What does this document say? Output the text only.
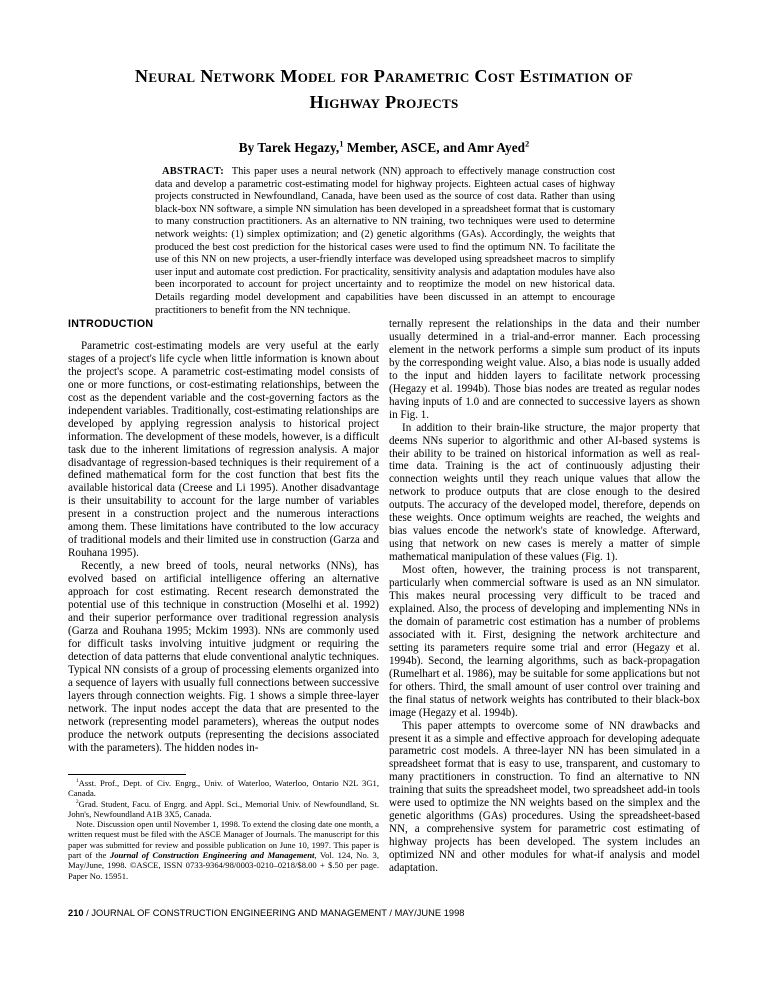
Neural Network Model for Parametric Cost Estimation of
Highway Projects
By Tarek Hegazy,$^1$ Member, ASCE, and Amr Ayed$^2$
ABSTRACT: This paper uses a neural network (NN) approach to effectively manage construction cost data and develop a parametric cost-estimating model for highway projects. Eighteen actual cases of highway projects constructed in Newfoundland, Canada, have been used as the source of cost data. Rather than using black-box NN software, a simple NN simulation has been developed in a spreadsheet format that is customary to many construction practitioners. As an alternative to NN training, two techniques were used to determine network weights: (1) simplex optimization; and (2) genetic algorithms (GAs). Accordingly, the weights that produced the best cost prediction for the historical cases were used to find the optimum NN. To facilitate the use of this NN on new projects, a user-friendly interface was developed using spreadsheet macros to simplify user input and automate cost prediction. For practicality, sensitivity analysis and adaptation modules have also been incorporated to account for project uncertainty and to reoptimize the model on new historical data. Details regarding model development and capabilities have been discussed in an attempt to encourage practitioners to benefit from the NN technique.
INTRODUCTION

Parametric cost-estimating models are very useful at the early stages of a project's life cycle when little information is known about the project's scope. A parametric cost-estimating model consists of one or more functions, or cost-estimating relationships, between the cost as the dependent variable and the cost-governing factors as the independent variables. Traditionally, cost-estimating relationships are developed by applying regression analysis to historical project information. The development of these models, however, is a difficult task due to the inherent limitations of regression analysis. A major disadvantage of regression-based techniques is their requirement of a defined mathematical form for the cost function that best fits the available historical data (Creese and Li 1995). Another disadvantage is their unsuitability to account for the large number of variables present in a construction project and the numerous interactions among them. These limitations have contributed to the low accuracy of traditional models and their limited use in construction (Garza and Rouhana 1995).

Recently, a new breed of tools, neural networks (NNs), has evolved based on artificial intelligence offering an alternative approach for cost estimating. Recent research demonstrated the potential use of this technique in construction (Moselhi et al. 1992) and their superior performance over traditional regression analysis (Garza and Rouhana 1995; Mckim 1993). NNs are commonly used for difficult tasks involving intuitive judgment or requiring the detection of data patterns that elude conventional analytic techniques. Typical NN consists of a group of processing elements organized into a sequence of layers with usually full connections between successive layers through connection weights. Fig. 1 shows a simple three-layer network. The input nodes accept the data that are presented to the network (representing model parameters), whereas the output nodes produce the network outputs (representing the decisions associated with the parameters). The hidden nodes in-

ternally represent the relationships in the data and their number usually determined in a trial-and-error manner. Each processing element in the network performs a simple sum product of its inputs by the corresponding weight value. Also, a bias node is usually added to the input and hidden layers to facilitate network processing (Hegazy et al. 1994b). Those bias nodes are treated as regular nodes having inputs of 1.0 and are connected to successive layers as shown in Fig. 1.

In addition to their brain-like structure, the major property that deems NNs superior to algorithmic and other AI-based systems is their ability to be trained on historical information as well as real-time data. Training is the act of continuously adjusting their connection weights until they reach unique values that allow the network to produce outputs that are close enough to the desired outputs. The accuracy of the developed model, therefore, depends on these weights. Once optimum weights are reached, the weights and bias values encode the network's state of knowledge. Afterward, using that network on new cases is merely a matter of simple mathematical manipulation of these values (Fig. 1).

Most often, however, the training process is not transparent, particularly when commercial software is used as an NN simulator. This makes neural processing very difficult to be traced and explained. Also, the process of developing and implementing NNs in the domain of parametric cost estimation has a number of problems associated with it. First, designing the network architecture and setting its parameters require some trial and error (Hegazy et al. 1994b). Second, the learning algorithms, such as back-propagation (Rumelhart et al. 1986), may be suitable for some applications but not for others. Third, the small amount of user control over training and the final status of network weights has contributed to their black-box image (Hegazy et al. 1994b).

This paper attempts to overcome some of NN drawbacks and present it as a simple and effective approach for developing adequate parametric cost models. A three-layer NN has been simulated in a spreadsheet format that is easy to use, transparent, and customary to many practitioners in construction. To find an alternative to NN training that suits the spreadsheet model, two spreadsheet add-in tools were used to optimize the NN weights based on the simplex and the genetic algorithms (GAs) procedures. Using the spreadsheet-based NN, a comprehensive system for parametric cost estimating of highway projects has been developed. The system includes an optimized NN and other modules for what-if analysis and model adaptation.

$^1$Asst. Prof., Dept. of Civ. Engrg., Univ. of Waterloo, Waterloo, Ontario N2L 3G1, Canada.

$^2$Grad. Student, Facu. of Engrg. and Appl. Sci., Memorial Univ. of Newfoundland, St. John's, Newfoundland A1B 3X5, Canada.

Note. Discussion open until November 1, 1998. To extend the closing date one month, a written request must be filed with the ASCE Manager of Journals. The manuscript for this paper was submitted for review and possible publication on June 10, 1997. This paper is part of the Journal of Construction Engineering and Management, Vol. 124, No. 3, May/June, 1998. ©ASCE, ISSN 0733-9364/98/0003-0210–0218/$8.00 + $.50 per page. Paper No. 15951.

210 / JOURNAL OF CONSTRUCTION ENGINEERING AND MANAGEMENT / MAY/JUNE 1998
